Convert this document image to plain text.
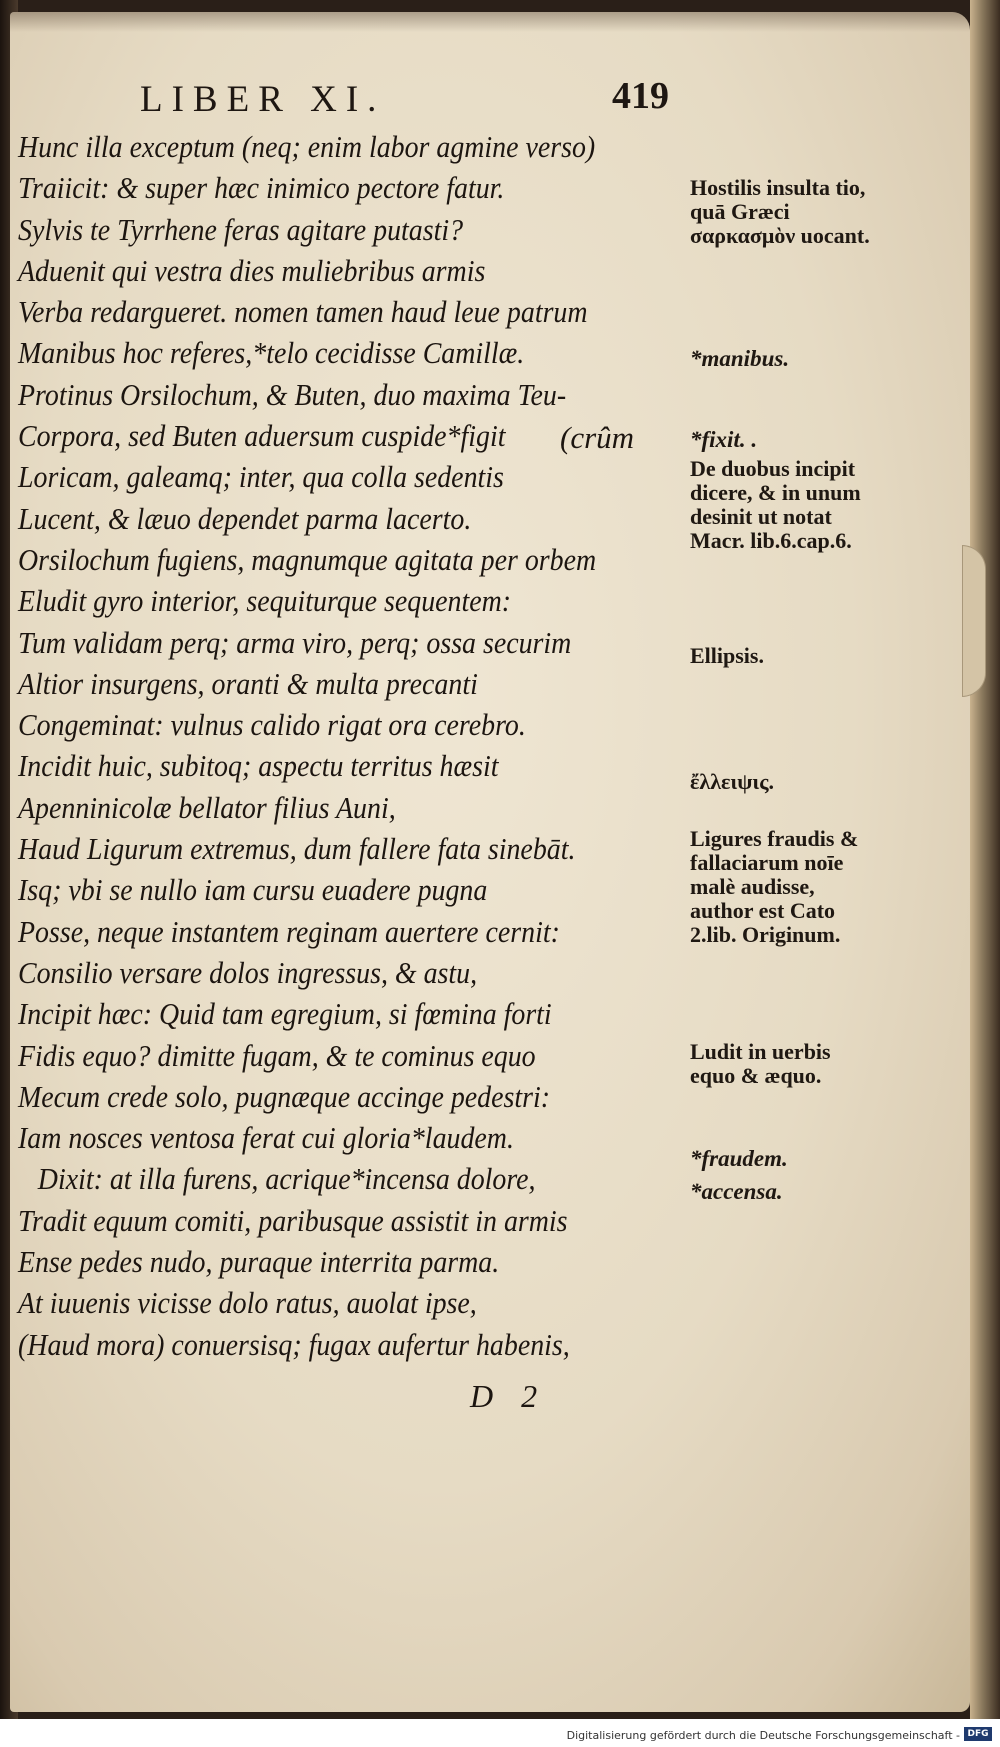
LIBER XI.	419
Hunc illa exceptum (neq; enim labor agmine verso)
Traiicit: & super hæc inimico pectore fatur.
Sylvis te Tyrrhene feras agitare putasti?
Aduenit qui vestra dies muliebribus armis
Verba redargueret. nomen tamen haud leue patrum
Manibus hoc referes,*telo cecidisse Camillæ.
Protinus Orsilochum, & Buten, duo maxima Teu-
Corpora, sed Buten aduersum cuspide*figit
Loricam, galeamq; inter, qua colla sedentis
Lucent, & læuo dependet parma lacerto.
Orsilochum fugiens, magnumque agitata per orbem
Eludit gyro interior, sequiturque sequentem:
Tum validam perq; arma viro, perq; ossa securim
Altior insurgens, oranti & multa precanti
Congeminat: vulnus calido rigat ora cerebro.
Incidit huic, subitoq; aspectu territus hæsit
Apenninicolæ bellator filius Auni,
Haud Ligurum extremus, dum fallere fata sinebāt.
Isq; vbi se nullo iam cursu euadere pugna
Posse, neque instantem reginam auertere cernit:
Consilio versare dolos ingressus, & astu,
Incipit hæc: Quid tam egregium, si fœmina forti
Fidis equo? dimitte fugam, & te cominus equo
Mecum crede solo, pugnæque accinge pedestri:
Iam nosces ventosa ferat cui gloria*laudem.
Dixit: at illa furens, acrique*incensa dolore,
Tradit equum comiti, paribusque assistit in armis
Ense pedes nudo, puraque interrita parma.
At iuuenis vicisse dolo ratus, auolat ipse,
(Haud mora) conuersisq; fugax aufertur habenis,
(crûm
Hostilis insulta tio, quā Græci σαρκασμὸν uocant.
*manibus.
*fixit. .
De duobus incipit dicere, & in unum desinit ut notat Macr. lib.6.cap.6.
Ellipsis.
ἔλλειψις.
Ligures fraudis & fallaciarum noīe malè audisse, author est Cato 2.lib. Originum.
Ludit in uerbis equo & æquo.
*fraudem.
*accensa.
D 2
Digitalisierung gefördert durch die Deutsche Forschungsgemeinschaft - DFG
